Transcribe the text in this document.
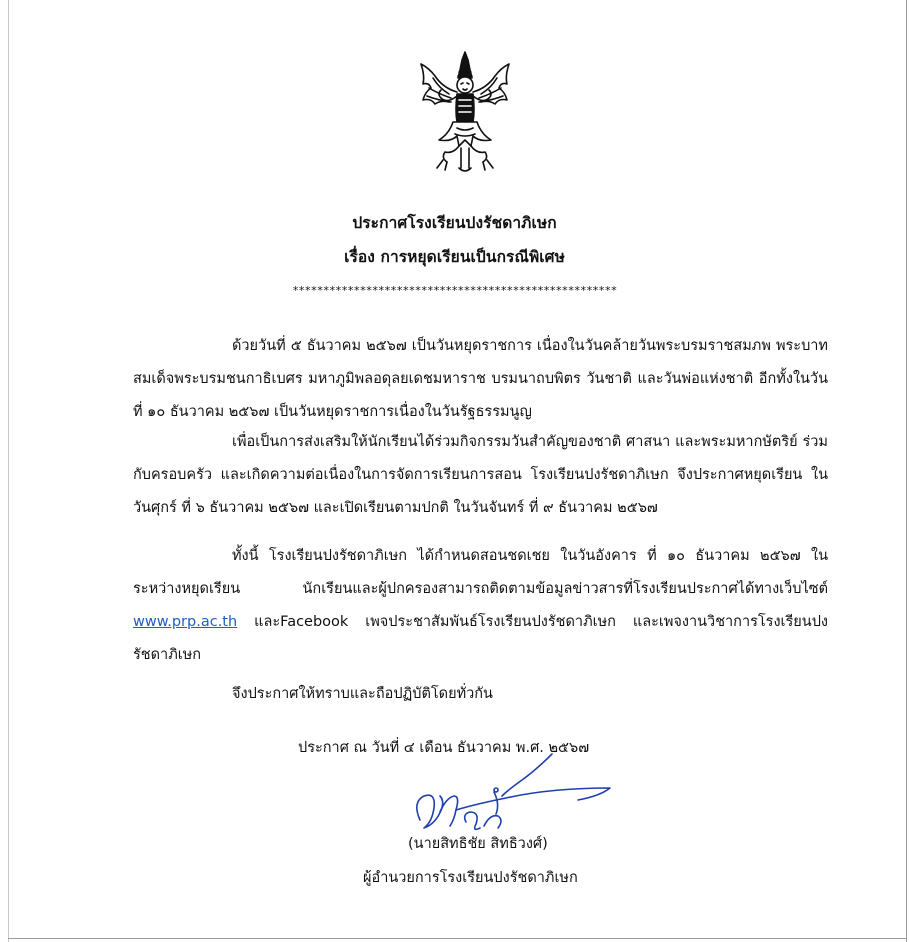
ประกาศโรงเรียนปงรัชดาภิเษก
เรื่อง การหยุดเรียนเป็นกรณีพิเศษ
*****************************************************

ด้วยวันที่ ๕ ธันวาคม ๒๕๖๗ เป็นวันหยุดราชการ เนื่องในวันคล้ายวันพระบรมราชสมภพ พระบาทสมเด็จพระบรมชนกาธิเบศร มหาภูมิพลอดุลยเดชมหาราช บรมนาถบพิตร วันชาติ และวันพ่อแห่งชาติ อีกทั้งในวันที่ ๑๐ ธันวาคม ๒๕๖๗ เป็นวันหยุดราชการเนื่องในวันรัฐธรรมนูญ

เพื่อเป็นการส่งเสริมให้นักเรียนได้ร่วมกิจกรรมวันสำคัญของชาติ ศาสนา และพระมหากษัตริย์ ร่วมกับครอบครัว และเกิดความต่อเนื่องในการจัดการเรียนการสอน โรงเรียนปงรัชดาภิเษก จึงประกาศหยุดเรียน ในวันศุกร์ ที่ ๖ ธันวาคม ๒๕๖๗ และเปิดเรียนตามปกติ ในวันจันทร์ ที่ ๙ ธันวาคม ๒๕๖๗

ทั้งนี้ โรงเรียนปงรัชดาภิเษก ได้กำหนดสอนชดเชย ในวันอังคาร ที่ ๑๐ ธันวาคม ๒๕๖๗ ในระหว่างหยุดเรียน นักเรียนและผู้ปกครองสามารถติดตามข้อมูลข่าวสารที่โรงเรียนประกาศได้ทางเว็บไซต์ www.prp.ac.th และFacebook เพจประชาสัมพันธ์โรงเรียนปงรัชดาภิเษก และเพจงานวิชาการโรงเรียนปงรัชดาภิเษก

จึงประกาศให้ทราบและถือปฏิบัติโดยทั่วกัน

ประกาศ ณ วันที่ ๔ เดือน ธันวาคม พ.ศ. ๒๕๖๗
(นายสิทธิชัย สิทธิวงศ์)
ผู้อำนวยการโรงเรียนปงรัชดาภิเษก
